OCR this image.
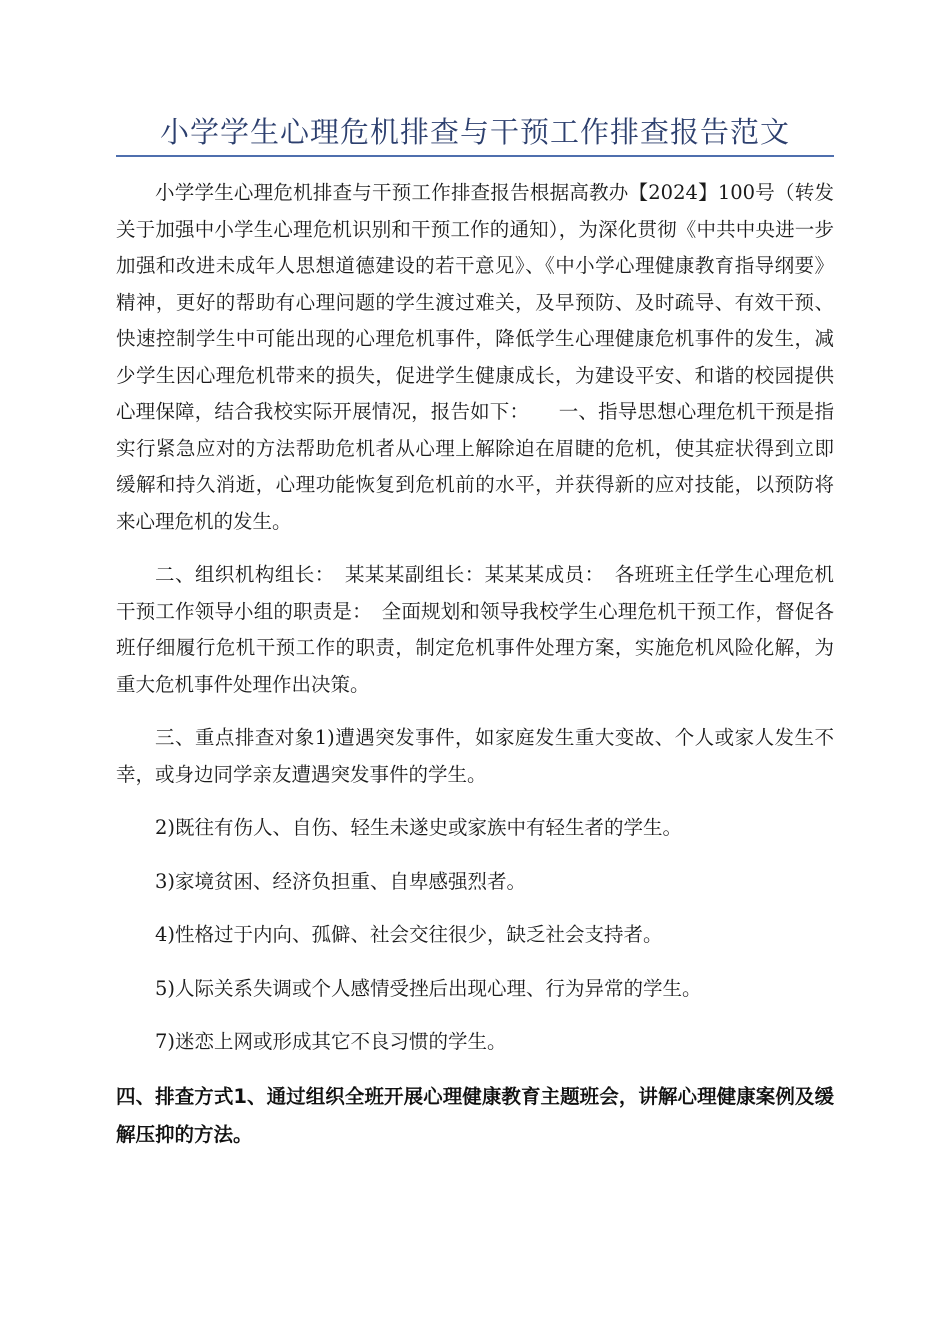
小学学生心理危机排查与干预工作排查报告范文

小学学生心理危机排查与干预工作排查报告根据高教办【2024】100号（转发关于加强中小学生心理危机识别和干预工作的通知），为深化贯彻《中共中央进一步加强和改进未成年人思想道德建设的若干意见》、《中小学心理健康教育指导纲要》精神，更好的帮助有心理问题的学生渡过难关，及早预防、及时疏导、有效干预、快速控制学生中可能出现的心理危机事件，降低学生心理健康危机事件的发生，减少学生因心理危机带来的损失，促进学生健康成长，为建设平安、和谐的校园提供心理保障，结合我校实际开展情况，报告如下：　　一、指导思想心理危机干预是指实行紧急应对的方法帮助危机者从心理上解除迫在眉睫的危机，使其症状得到立即缓解和持久消逝，心理功能恢复到危机前的水平，并获得新的应对技能，以预防将来心理危机的发生。

二、组织机构组长：　某某某副组长：某某某成员：　各班班主任学生心理危机干预工作领导小组的职责是：　全面规划和领导我校学生心理危机干预工作，督促各班仔细履行危机干预工作的职责，制定危机事件处理方案，实施危机风险化解，为重大危机事件处理作出决策。

三、重点排查对象1)遭遇突发事件，如家庭发生重大变故、个人或家人发生不幸，或身边同学亲友遭遇突发事件的学生。

2)既往有伤人、自伤、轻生未遂史或家族中有轻生者的学生。

3)家境贫困、经济负担重、自卑感强烈者。

4)性格过于内向、孤僻、社会交往很少，缺乏社会支持者。

5)人际关系失调或个人感情受挫后出现心理、行为异常的学生。

7)迷恋上网或形成其它不良习惯的学生。

四、排查方式1、通过组织全班开展心理健康教育主题班会，讲解心理健康案例及缓解压抑的方法。
